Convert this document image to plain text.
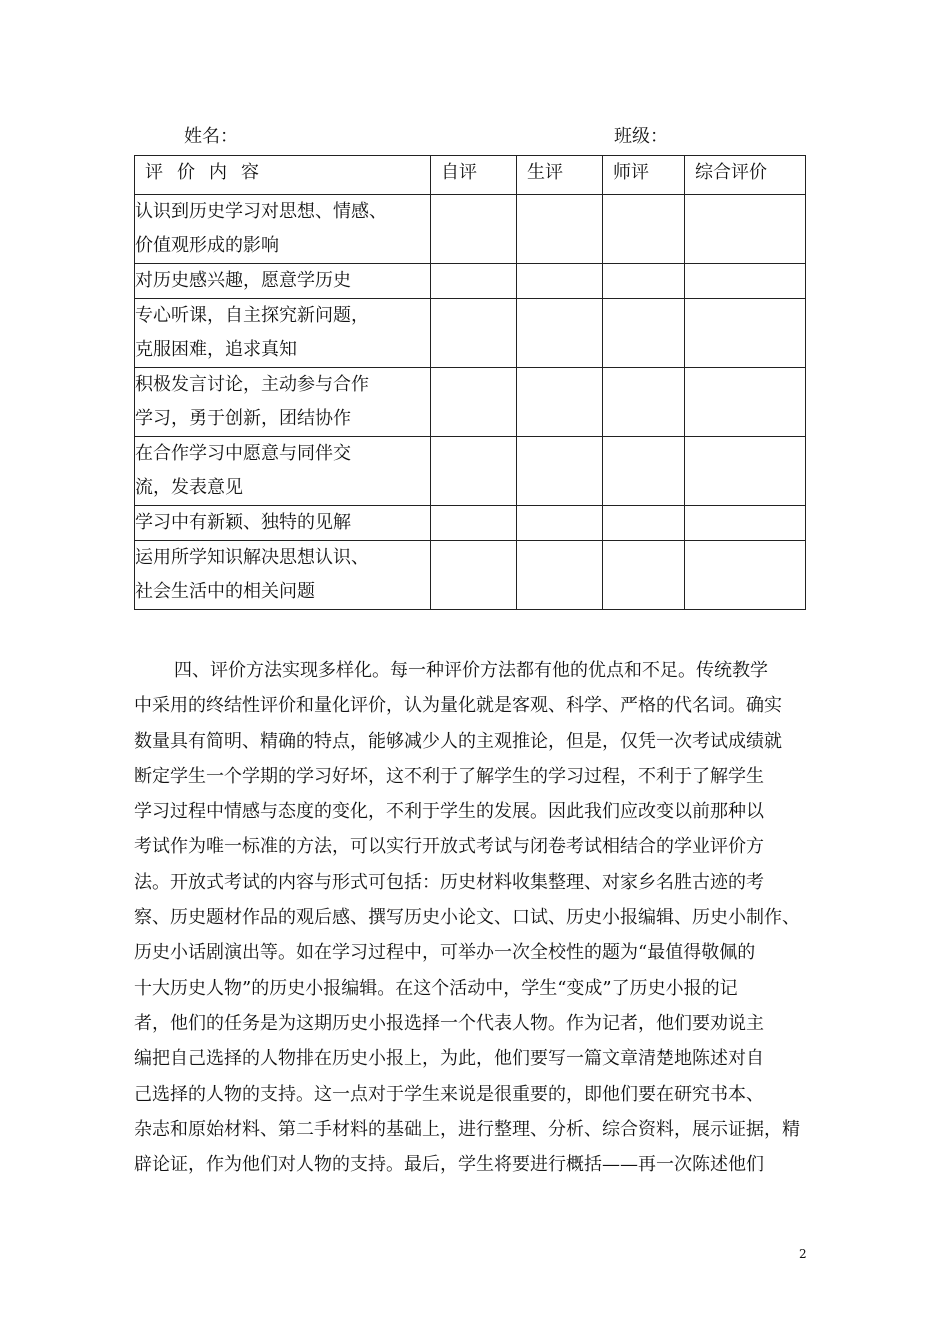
姓名：	班级：
评价内容	自评	生评	师评	综合评价

认识到历史学习对思想、情感、
价值观形成的影响				

对历史感兴趣，愿意学历史				

专心听课，自主探究新问题，
克服困难，追求真知				

积极发言讨论，主动参与合作
学习，勇于创新，团结协作				

在合作学习中愿意与同伴交
流，发表意见				

学习中有新颖、独特的见解				

运用所学知识解决思想认识、
社会生活中的相关问题				

四、评价方法实现多样化。每一种评价方法都有他的优点和不足。传统教学
中采用的终结性评价和量化评价，认为量化就是客观、科学、严格的代名词。确实
数量具有简明、精确的特点，能够减少人的主观推论，但是，仅凭一次考试成绩就
断定学生一个学期的学习好坏，这不利于了解学生的学习过程，不利于了解学生
学习过程中情感与态度的变化，不利于学生的发展。因此我们应改变以前那种以
考试作为唯一标准的方法，可以实行开放式考试与闭卷考试相结合的学业评价方
法。开放式考试的内容与形式可包括：历史材料收集整理、对家乡名胜古迹的考
察、历史题材作品的观后感、撰写历史小论文、口试、历史小报编辑、历史小制作、
历史小话剧演出等。如在学习过程中，可举办一次全校性的题为“最值得敬佩的
十大历史人物”的历史小报编辑。在这个活动中，学生“变成”了历史小报的记
者，他们的任务是为这期历史小报选择一个代表人物。作为记者，他们要劝说主
编把自己选择的人物排在历史小报上，为此，他们要写一篇文章清楚地陈述对自
己选择的人物的支持。这一点对于学生来说是很重要的，即他们要在研究书本、
杂志和原始材料、第二手材料的基础上，进行整理、分析、综合资料，展示证据，精
辟论证，作为他们对人物的支持。最后，学生将要进行概括——再一次陈述他们
2
